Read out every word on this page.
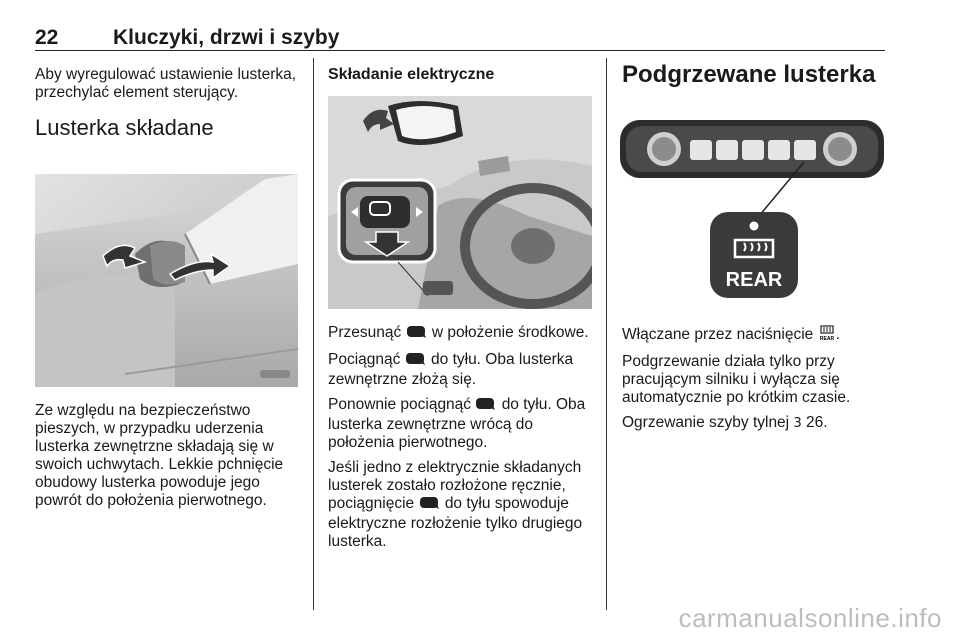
22	Kluczyki, drzwi i szyby

Aby wyregulować ustawienie lusterka, przechylać element sterujący.

Lusterka składane

Ze względu na bezpieczeństwo pieszych, w przypadku uderzenia lusterka zewnętrzne składają się w swoich uchwytach. Lekkie pchnięcie obudowy lusterka powoduje jego powrót do położenia pierwotnego.

Składanie elektryczne

Przesunąć w położenie środkowe.

Pociągnąć do tyłu. Oba lusterka zewnętrzne złożą się.

Ponownie pociągnąć do tyłu. Oba lusterka zewnętrzne wrócą do położenia pierwotnego.

Jeśli jedno z elektrycznie składanych lusterek zostało rozłożone ręcznie, pociągnięcie do tyłu spowoduje elektryczne rozłożenie tylko drugiego lusterka.

Podgrzewane lusterka
REAR

Włączane przez naciśnięcie REAR .

Podgrzewanie działa tylko przy pracującym silniku i wyłącza się automatycznie po krótkim czasie.

Ogrzewanie szyby tylnej 3 26.

carmanualsonline.info
